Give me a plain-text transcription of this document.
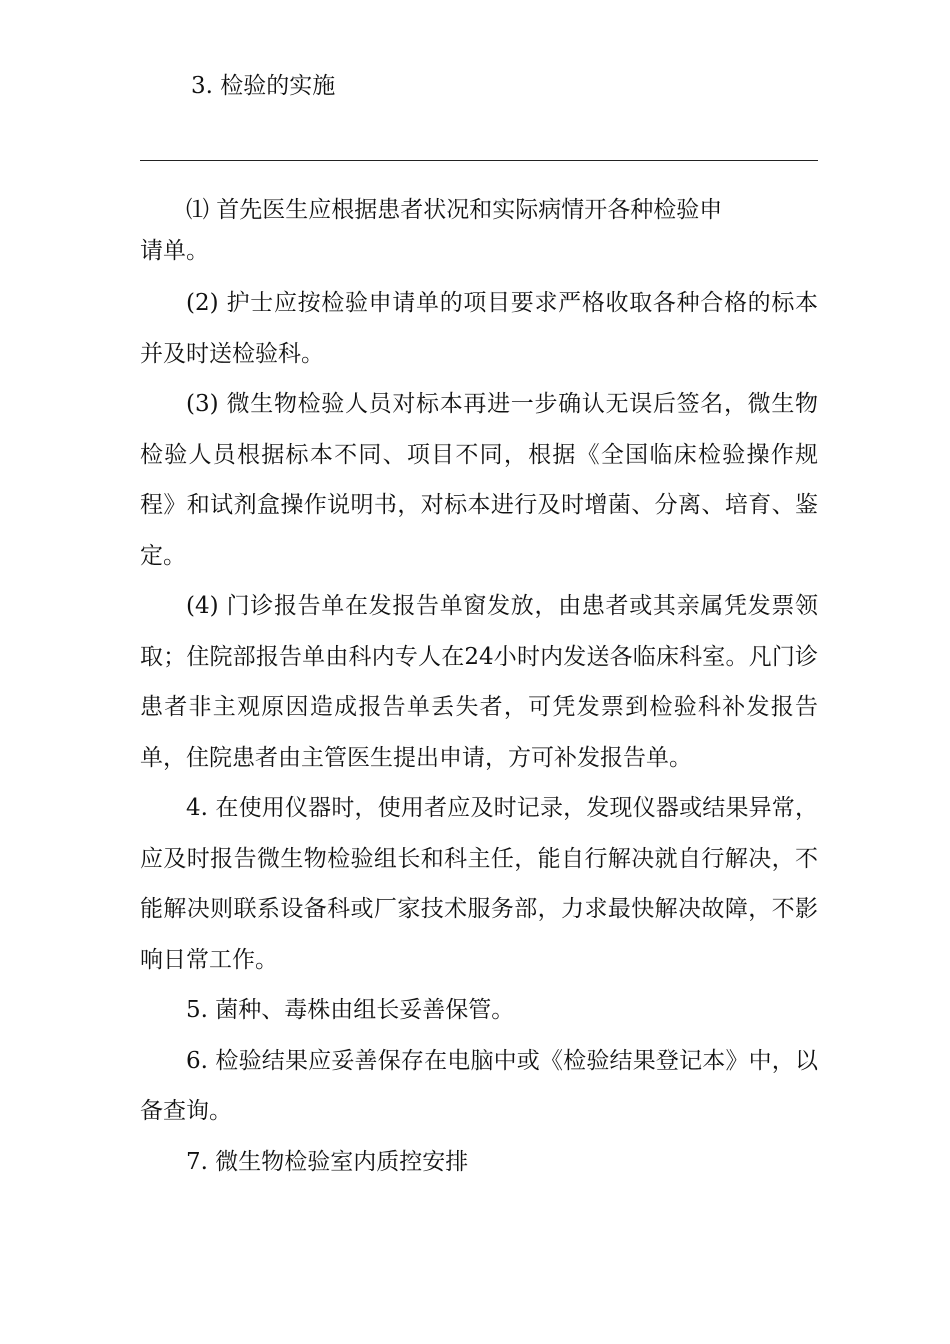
3. 检验的实施

⑴ 首先医生应根据患者状况和实际病情开各种检验申
请单。

(2) 护士应按检验申请单的项目要求严格收取各种合格的标本并及时送检验科。

(3) 微生物检验人员对标本再进一步确认无误后签名，微生物检验人员根据标本不同、项目不同，根据《全国临床检验操作规程》和试剂盒操作说明书，对标本进行及时增菌、分离、培育、鉴定。

(4) 门诊报告单在发报告单窗发放，由患者或其亲属凭发票领取；住院部报告单由科内专人在24小时内发送各临床科室。凡门诊患者非主观原因造成报告单丢失者，可凭发票到检验科补发报告单，住院患者由主管医生提出申请，方可补发报告单。

4. 在使用仪器时，使用者应及时记录，发现仪器或结果异常，应及时报告微生物检验组长和科主任，能自行解决就自行解决，不能解决则联系设备科或厂家技术服务部，力求最快解决故障，不影响日常工作。

5. 菌种、毒株由组长妥善保管。

6. 检验结果应妥善保存在电脑中或《检验结果登记本》中，以备查询。

7. 微生物检验室内质控安排
